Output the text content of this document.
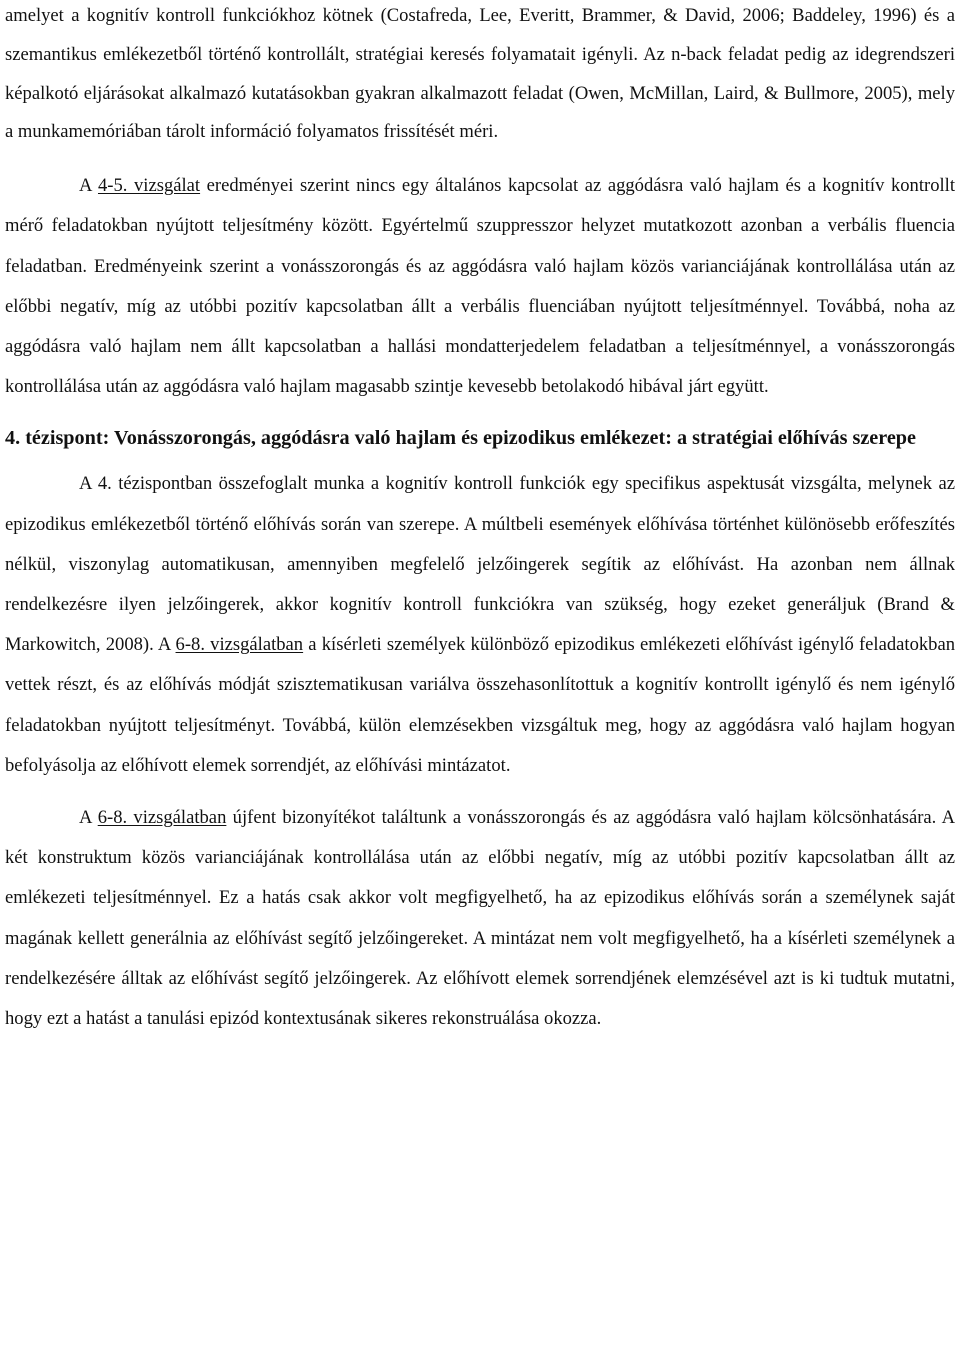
amelyet a kognitív kontroll funkciókhoz kötnek (Costafreda, Lee, Everitt, Brammer, & David, 2006; Baddeley, 1996) és a szemantikus emlékezetből történő kontrollált, stratégiai keresés folyamatait igényli. Az n-back feladat pedig az idegrendszeri képalkotó eljárásokat alkalmazó kutatásokban gyakran alkalmazott feladat (Owen, McMillan, Laird, & Bullmore, 2005), mely a munkamemóriában tárolt információ folyamatos frissítését méri.

A 4-5. vizsgálat eredményei szerint nincs egy általános kapcsolat az aggódásra való hajlam és a kognitív kontrollt mérő feladatokban nyújtott teljesítmény között. Egyértelmű szuppresszor helyzet mutatkozott azonban a verbális fluencia feladatban. Eredményeink szerint a vonásszorongás és az aggódásra való hajlam közös varianciájának kontrollálása után az előbbi negatív, míg az utóbbi pozitív kapcsolatban állt a verbális fluenciában nyújtott teljesítménnyel. Továbbá, noha az aggódásra való hajlam nem állt kapcsolatban a hallási mondatterjedelem feladatban a teljesítménnyel, a vonásszorongás kontrollálása után az aggódásra való hajlam magasabb szintje kevesebb betolakodó hibával járt együtt.

4. tézispont: Vonásszorongás, aggódásra való hajlam és epizodikus emlékezet: a stratégiai előhívás szerepe

A 4. tézispontban összefoglalt munka a kognitív kontroll funkciók egy specifikus aspektusát vizsgálta, melynek az epizodikus emlékezetből történő előhívás során van szerepe. A múltbeli események előhívása történhet különösebb erőfeszítés nélkül, viszonylag automatikusan, amennyiben megfelelő jelzőingerek segítik az előhívást. Ha azonban nem állnak rendelkezésre ilyen jelzőingerek, akkor kognitív kontroll funkciókra van szükség, hogy ezeket generáljuk (Brand & Markowitch, 2008). A 6-8. vizsgálatban a kísérleti személyek különböző epizodikus emlékezeti előhívást igénylő feladatokban vettek részt, és az előhívás módját szisztematikusan variálva összehasonlítottuk a kognitív kontrollt igénylő és nem igénylő feladatokban nyújtott teljesítményt. Továbbá, külön elemzésekben vizsgáltuk meg, hogy az aggódásra való hajlam hogyan befolyásolja az előhívott elemek sorrendjét, az előhívási mintázatot.

A 6-8. vizsgálatban újfent bizonyítékot találtunk a vonásszorongás és az aggódásra való hajlam kölcsönhatására. A két konstruktum közös varianciájának kontrollálása után az előbbi negatív, míg az utóbbi pozitív kapcsolatban állt az emlékezeti teljesítménnyel. Ez a hatás csak akkor volt megfigyelhető, ha az epizodikus előhívás során a személynek saját magának kellett generálnia az előhívást segítő jelzőingereket. A mintázat nem volt megfigyelhető, ha a kísérleti személynek a rendelkezésére álltak az előhívást segítő jelzőingerek. Az előhívott elemek sorrendjének elemzésével azt is ki tudtuk mutatni, hogy ezt a hatást a tanulási epizód kontextusának sikeres rekonstruálása okozza.
